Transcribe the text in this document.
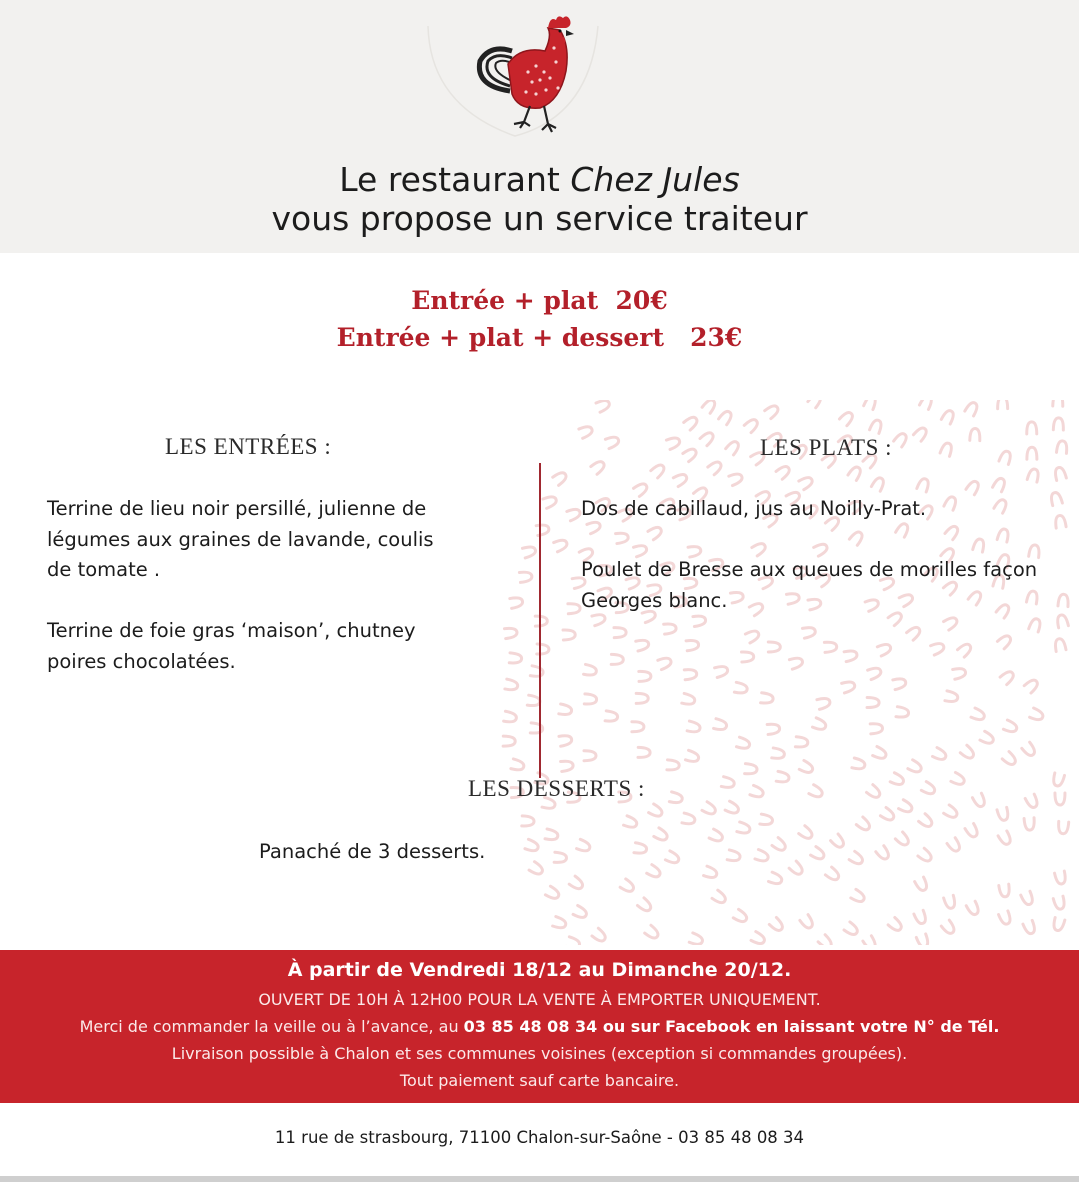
Le restaurant Chez Jules
vous propose un service traiteur
Entrée + plat  20€
Entrée + plat + dessert   23€
LES ENTRÉES :
Terrine de lieu noir persillé, julienne de
légumes aux graines de lavande, coulis
de tomate .
Terrine de foie gras ‘maison’, chutney
poires chocolatées.
LES PLATS :
Dos de cabillaud, jus au Noilly-Prat.
Poulet de Bresse aux queues de morilles façon
Georges blanc.
LES DESSERTS :
Panaché de 3 desserts.
À partir de Vendredi 18/12 au Dimanche 20/12.
OUVERT DE 10H À 12H00 POUR LA VENTE À EMPORTER UNIQUEMENT.
Merci de commander la veille ou à l’avance, au 03 85 48 08 34 ou sur Facebook en laissant votre N° de Tél.
Livraison possible à Chalon et ses communes voisines (exception si commandes groupées).
Tout paiement sauf carte bancaire.
11 rue de strasbourg, 71100 Chalon-sur-Saône - 03 85 48 08 34
